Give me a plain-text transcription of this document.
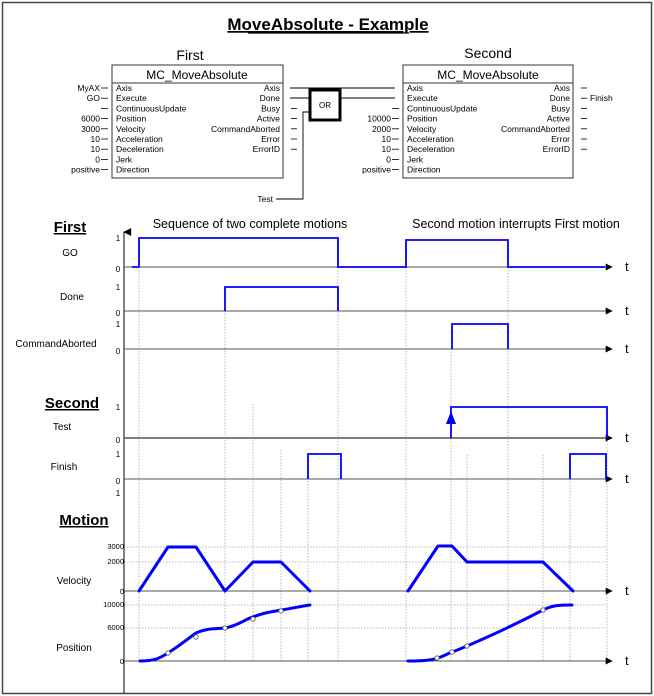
MoveAbsolute - Example
First
MC_MoveAbsolute
Axis
Execute
ContinuousUpdate
Position
Velocity
Acceleration
Deceleration
Jerk
Direction
Axis
Done
Busy
Active
CommandAborted
Error
ErrorID
MyAX
GO
6000
3000
10
10
0
positive
Second
MC_MoveAbsolute
Axis
Execute
ContinuousUpdate
Position
Velocity
Acceleration
Deceleration
Jerk
Direction
Axis
Done
Busy
Active
CommandAborted
Error
ErrorID
10000
2000
10
10
0
positive
Finish
OR
Test
First
Second
Motion
Sequence of two complete motions	Second motion interrupts First motion
GO
1
0
Done
1
0
CommandAborted
1
0
Test
1
0
Finish
1
0
1
Velocity
Position
t
t
t
t
t
t
t
3000
2000
0
10000
6000
0
